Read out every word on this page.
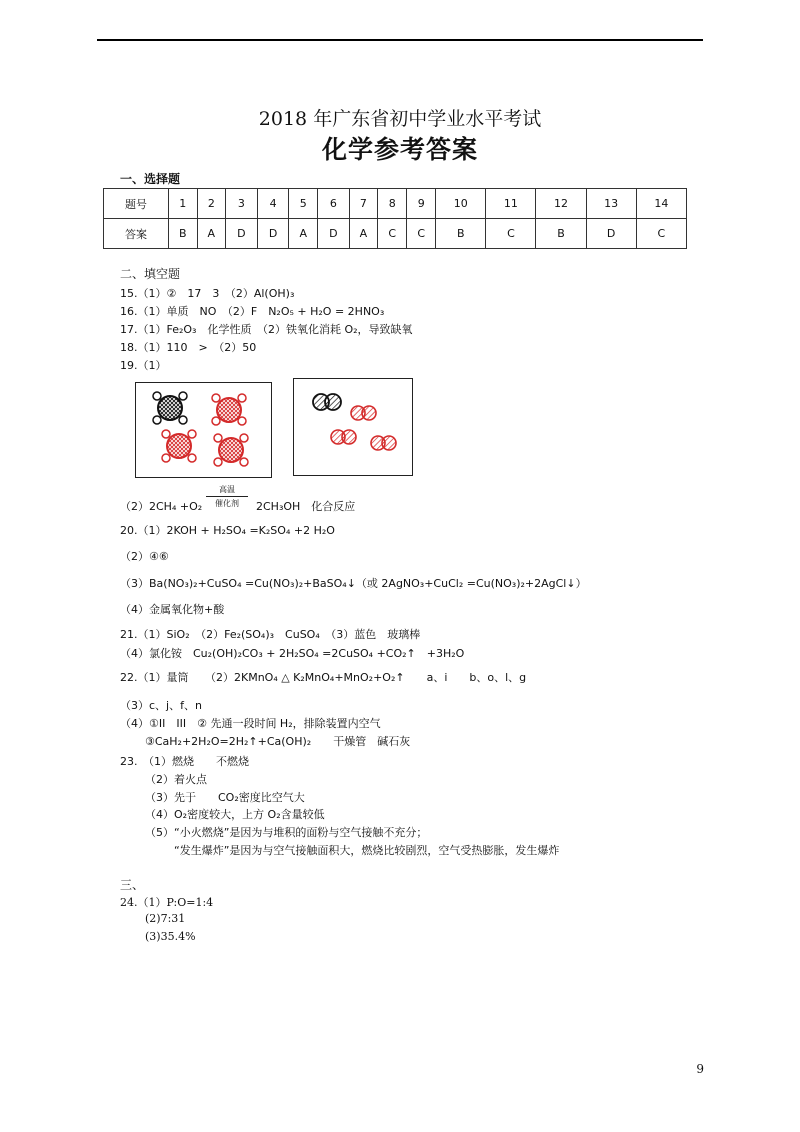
2018 年广东省初中学业水平考试
化学参考答案
一、选择题
题号	1	2	3	4	5	6	7	8	9	10	11	12	13	14
答案	B	A	D	D	A	D	A	C	C	B	C	B	D	C
二、填空题
15.（1）②　17　3　（2）Al(OH)₃
16.（1）单质　NO　（2）F　N₂O₅ + H₂O = 2HNO₃
17.（1）Fe₂O₃　化学性质　（2）铁氧化消耗 O₂，导致缺氧
18.（1）110　>　（2）50
19.（1）
高温
催化剂
（2）2CH₄ +O₂	2CH₃OH　化合反应
20.（1）2KOH + H₂SO₄ =K₂SO₄ +2 H₂O
（2）④⑥
（3）Ba(NO₃)₂+CuSO₄ =Cu(NO₃)₂+BaSO₄↓（或 2AgNO₃+CuCl₂ =Cu(NO₃)₂+2AgCl↓）
（4）金属氧化物+酸
21.（1）SiO₂　（2）Fe₂(SO₄)₃　CuSO₄　（3）蓝色　玻璃棒
（4）氯化铵　Cu₂(OH)₂CO₃ + 2H₂SO₄ =2CuSO₄ +CO₂↑　+3H₂O
22.（1）量筒　　（2）2KMnO₄ △ K₂MnO₄+MnO₂+O₂↑　　a、i　　b、o、l、g
（3）c、j、f、n
（4）①II　III　② 先通一段时间 H₂，排除装置内空气
③CaH₂+2H₂O=2H₂↑+Ca(OH)₂　　干燥管　碱石灰
23.　（1）燃烧　　不燃烧
（2）着火点
（3）先于　　CO₂密度比空气大
（4）O₂密度较大，上方 O₂含量较低
（5）“小火燃烧”是因为与堆积的面粉与空气接触不充分；
“发生爆炸”是因为与空气接触面积大，燃烧比较剧烈，空气受热膨胀，发生爆炸
三、
24.（1）P:O=1:4
(2)7:31
(3)35.4%
9
